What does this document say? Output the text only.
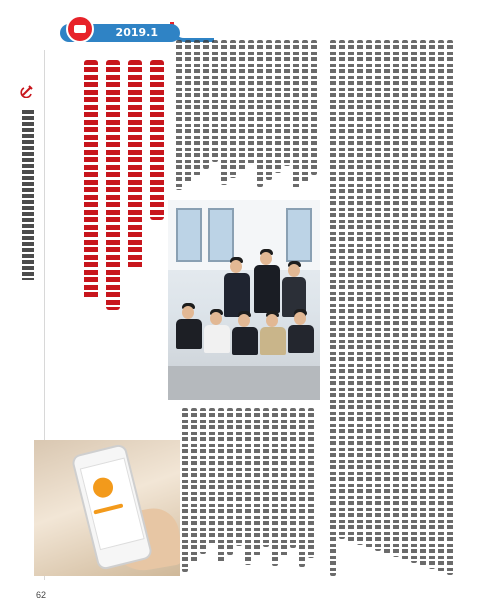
2019.1
62
